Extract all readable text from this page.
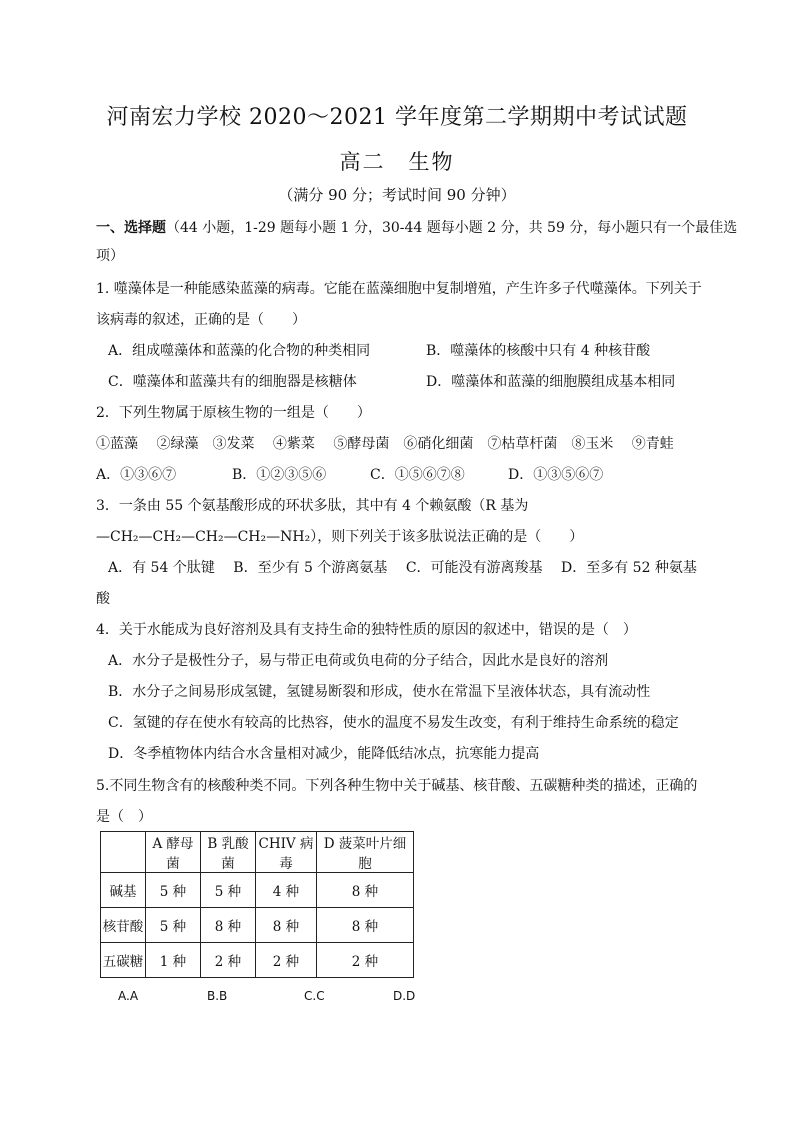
河南宏力学校 2020～2021 学年度第二学期期中考试试题
高二　生物
（满分 90 分；考试时间 90 分钟）
一、选择题（44 小题，1-29 题每小题 1 分，30-44 题每小题 2 分，共 59 分，每小题只有一个最佳选
项）
1. 噬藻体是一种能感染蓝藻的病毒。它能在蓝藻细胞中复制增殖，产生许多子代噬藻体。下列关于
该病毒的叙述，正确的是（　　）
A．组成噬藻体和蓝藻的化合物的种类相同	B．噬藻体的核酸中只有 4 种核苷酸
C．噬藻体和蓝藻共有的细胞器是核糖体	D．噬藻体和蓝藻的细胞膜组成基本相同
2．下列生物属于原核生物的一组是（　　）
①蓝藻　 ②绿藻　③发菜　 ④紫菜　 ⑤酵母菌　⑥硝化细菌　⑦枯草杆菌　⑧玉米　 ⑨青蛙
A．①③⑥⑦	B．①②③⑤⑥	C．①⑤⑥⑦⑧	D．①③⑤⑥⑦
3．一条由 55 个氨基酸形成的环状多肽，其中有 4 个赖氨酸（R 基为
—CH₂—CH₂—CH₂—CH₂—NH₂），则下列关于该多肽说法正确的是（　　）
A．有 54 个肽键　 B．至少有 5 个游离氨基　 C．可能没有游离羧基　 D．至多有 52 种氨基
酸
4．关于水能成为良好溶剂及具有支持生命的独特性质的原因的叙述中，错误的是（　）
A．水分子是极性分子，易与带正电荷或负电荷的分子结合，因此水是良好的溶剂
B．水分子之间易形成氢键，氢键易断裂和形成，使水在常温下呈液体状态，具有流动性
C．氢键的存在使水有较高的比热容，使水的温度不易发生改变，有利于维持生命系统的稳定
D．冬季植物体内结合水含量相对减少，能降低结冰点，抗寒能力提高
5.不同生物含有的核酸种类不同。下列各种生物中关于碱基、核苷酸、五碳糖种类的描述，正确的
是（　）
	A 酵母菌	B 乳酸菌	CHIV 病毒	D 菠菜叶片细胞
碱基	5 种	5 种	4 种	8 种
核苷酸	5 种	8 种	8 种	8 种
五碳糖	1 种	2 种	2 种	2 种
A.A	B.B	C.C	D.D
